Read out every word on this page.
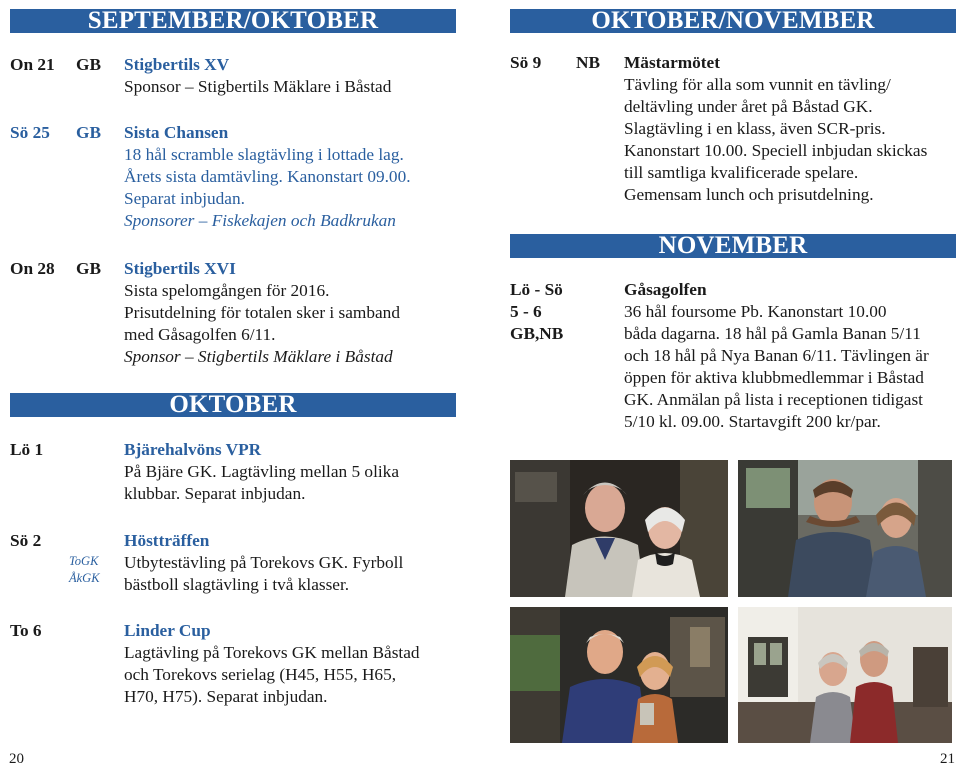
SEPTEMBER/OKTOBER
On 21 GB Stigbertils XV
Sponsor – Stigbertils Mäklare i Båstad
Sö 25 GB Sista Chansen
18 hål scramble slagtävling i lottade lag.
Årets sista damtävling. Kanonstart 09.00.
Separat inbjudan.
Sponsorer – Fiskekajen och Badkrukan
On 28 GB Stigbertils XVI
Sista spelomgången för 2016.
Prisutdelning för totalen sker i samband
med Gåsagolfen 6/11.
Sponsor – Stigbertils Mäklare i Båstad
OKTOBER
Lö 1	Bjärehalvöns VPR
På Bjäre GK. Lagtävling mellan 5 olika
klubbar. Separat inbjudan.
Sö 2
ToGK
ÅkGK
Höstträffen
Utbytestävling på Torekovs GK. Fyrboll
bästboll slagtävling i två klasser.
To 6	Linder Cup
Lagtävling på Torekovs GK mellan Båstad
och Torekovs serielag (H45, H55, H65,
H70, H75). Separat inbjudan.
20
OKTOBER/NOVEMBER
Sö 9 NB Mästarmötet
Tävling för alla som vunnit en tävling/
deltävling under året på Båstad GK.
Slagtävling i en klass, även SCR-pris.
Kanonstart 10.00. Speciell inbjudan skickas
till samtliga kvalificerade spelare.
Gemensam lunch och prisutdelning.
NOVEMBER
Lö - Sö
5 - 6
GB,NB
Gåsagolfen
36 hål foursome Pb. Kanonstart 10.00
båda dagarna. 18 hål på Gamla Banan 5/11
och 18 hål på Nya Banan 6/11. Tävlingen är
öppen för aktiva klubbmedlemmar i Båstad
GK. Anmälan på lista i receptionen tidigast
5/10 kl. 09.00. Startavgift 200 kr/par.
21
